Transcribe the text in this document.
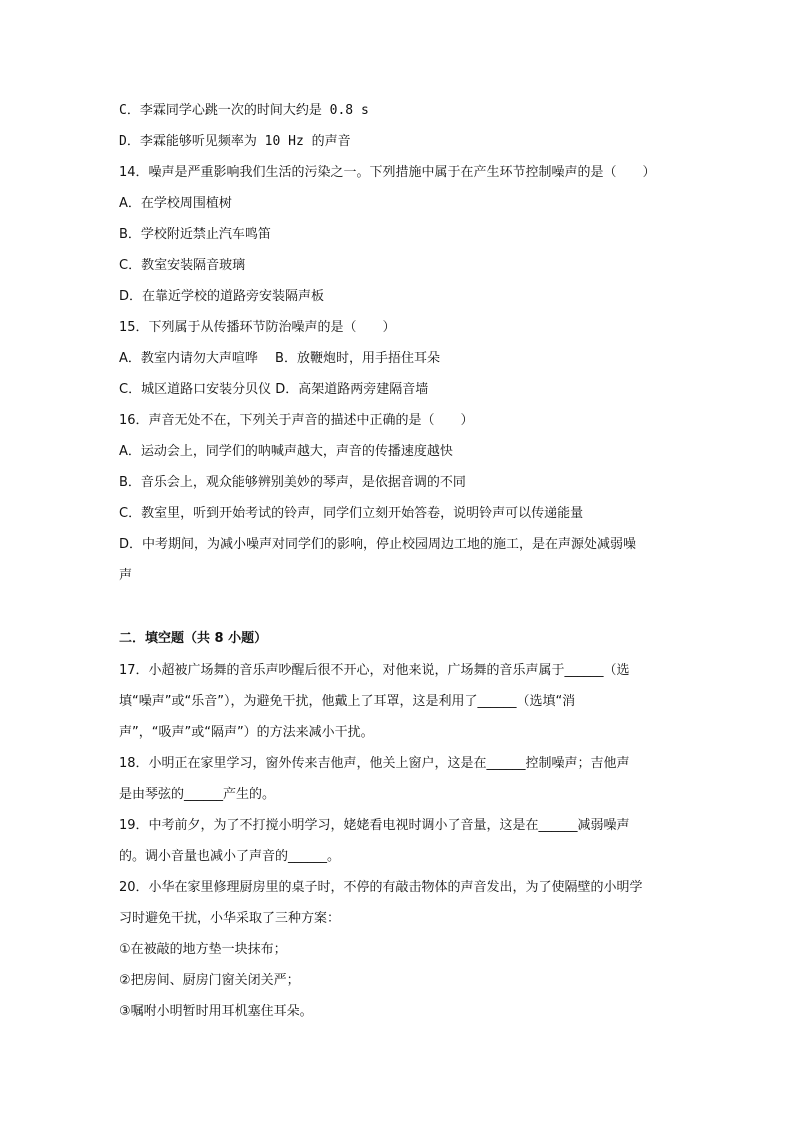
C．李霖同学心跳一次的时间大约是 0.8 s
D．李霖能够听见频率为 10 Hz 的声音
14．噪声是严重影响我们生活的污染之一。下列措施中属于在产生环节控制噪声的是（　　）
A．在学校周围植树
B．学校附近禁止汽车鸣笛
C．教室安装隔音玻璃
D．在靠近学校的道路旁安装隔声板
15．下列属于从传播环节防治噪声的是（　　）
A．教室内请勿大声喧哗　 B．放鞭炮时，用手捂住耳朵
C．城区道路口安装分贝仪 D．高架道路两旁建隔音墙
16．声音无处不在，下列关于声音的描述中正确的是（　　）
A．运动会上，同学们的呐喊声越大，声音的传播速度越快
B．音乐会上，观众能够辨别美妙的琴声，是依据音调的不同
C．教室里，听到开始考试的铃声，同学们立刻开始答卷，说明铃声可以传递能量
D．中考期间，为减小噪声对同学们的影响，停止校园周边工地的施工，是在声源处减弱噪
声
二．填空题（共 8 小题）
17．小超被广场舞的音乐声吵醒后很不开心，对他来说，广场舞的音乐声属于______（选
填“噪声”或“乐音”），为避免干扰，他戴上了耳罩，这是利用了______（选填“消
声”，“吸声”或“隔声”）的方法来减小干扰。
18．小明正在家里学习，窗外传来吉他声，他关上窗户，这是在______控制噪声；吉他声
是由琴弦的______产生的。
19．中考前夕，为了不打搅小明学习，姥姥看电视时调小了音量，这是在______减弱噪声
的。调小音量也减小了声音的______。
20．小华在家里修理厨房里的桌子时，不停的有敲击物体的声音发出，为了使隔壁的小明学
习时避免干扰，小华采取了三种方案：
①在被敲的地方垫一块抹布；
②把房间、厨房门窗关闭关严；
③嘱咐小明暂时用耳机塞住耳朵。
